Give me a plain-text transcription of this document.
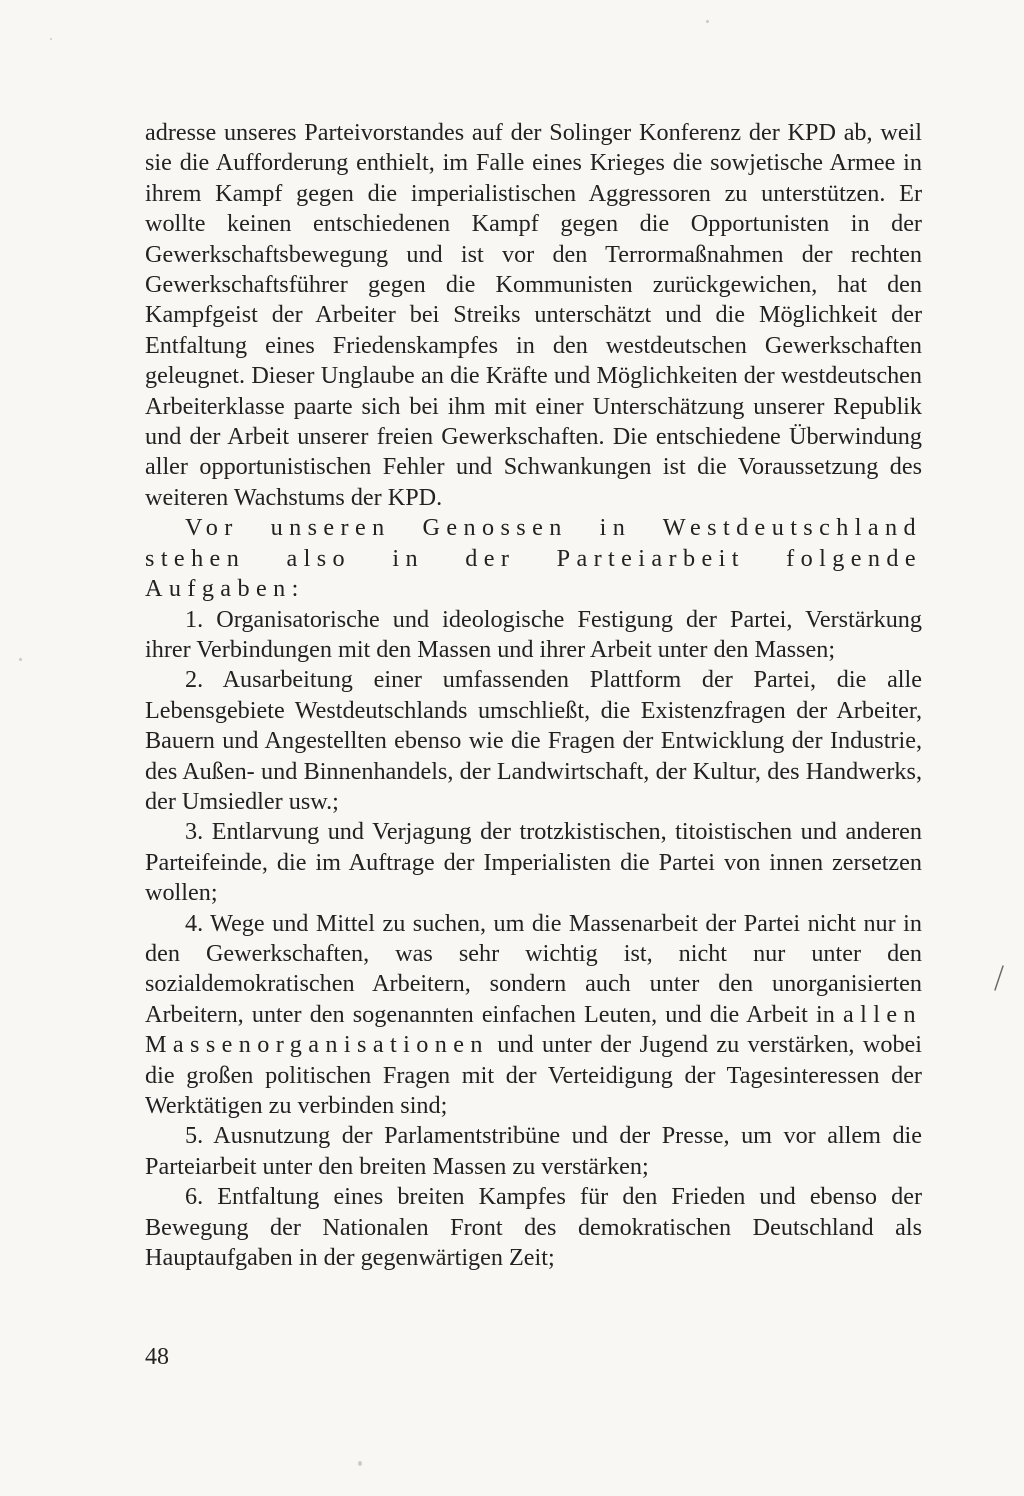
adresse unseres Parteivorstandes auf der Solinger Konferenz der KPD ab, weil sie die Aufforderung enthielt, im Falle eines Krieges die sowjetische Armee in ihrem Kampf gegen die imperialistischen Aggressoren zu unterstützen. Er wollte keinen entschiedenen Kampf gegen die Opportunisten in der Gewerkschaftsbewegung und ist vor den Terrormaßnahmen der rechten Gewerkschaftsführer gegen die Kommunisten zurückgewichen, hat den Kampfgeist der Arbeiter bei Streiks unterschätzt und die Möglichkeit der Entfaltung eines Friedenskampfes in den westdeutschen Gewerkschaften geleugnet. Dieser Unglaube an die Kräfte und Möglichkeiten der westdeutschen Arbeiterklasse paarte sich bei ihm mit einer Unterschätzung unserer Republik und der Arbeit unserer freien Gewerkschaften. Die entschiedene Überwindung aller opportunistischen Fehler und Schwankungen ist die Voraussetzung des weiteren Wachstums der KPD.

Vor unseren Genossen in Westdeutschland stehen also in der Parteiarbeit folgende Aufgaben:

1. Organisatorische und ideologische Festigung der Partei, Verstärkung ihrer Verbindungen mit den Massen und ihrer Arbeit unter den Massen;

2. Ausarbeitung einer umfassenden Plattform der Partei, die alle Lebensgebiete Westdeutschlands umschließt, die Existenzfragen der Arbeiter, Bauern und Angestellten ebenso wie die Fragen der Entwicklung der Industrie, des Außen- und Binnenhandels, der Landwirtschaft, der Kultur, des Handwerks, der Umsiedler usw.;

3. Entlarvung und Verjagung der trotzkistischen, titoistischen und anderen Parteifeinde, die im Auftrage der Imperialisten die Partei von innen zersetzen wollen;

4. Wege und Mittel zu suchen, um die Massenarbeit der Partei nicht nur in den Gewerkschaften, was sehr wichtig ist, nicht nur unter den sozialdemokratischen Arbeitern, sondern auch unter den unorganisierten Arbeitern, unter den sogenannten einfachen Leuten, und die Arbeit in allen Massenorganisationen und unter der Jugend zu verstärken, wobei die großen politischen Fragen mit der Verteidigung der Tagesinteressen der Werktätigen zu verbinden sind;

5. Ausnutzung der Parlamentstribüne und der Presse, um vor allem die Parteiarbeit unter den breiten Massen zu verstärken;

6. Entfaltung eines breiten Kampfes für den Frieden und ebenso der Bewegung der Nationalen Front des demokratischen Deutschland als Hauptaufgaben in der gegenwärtigen Zeit;

48
